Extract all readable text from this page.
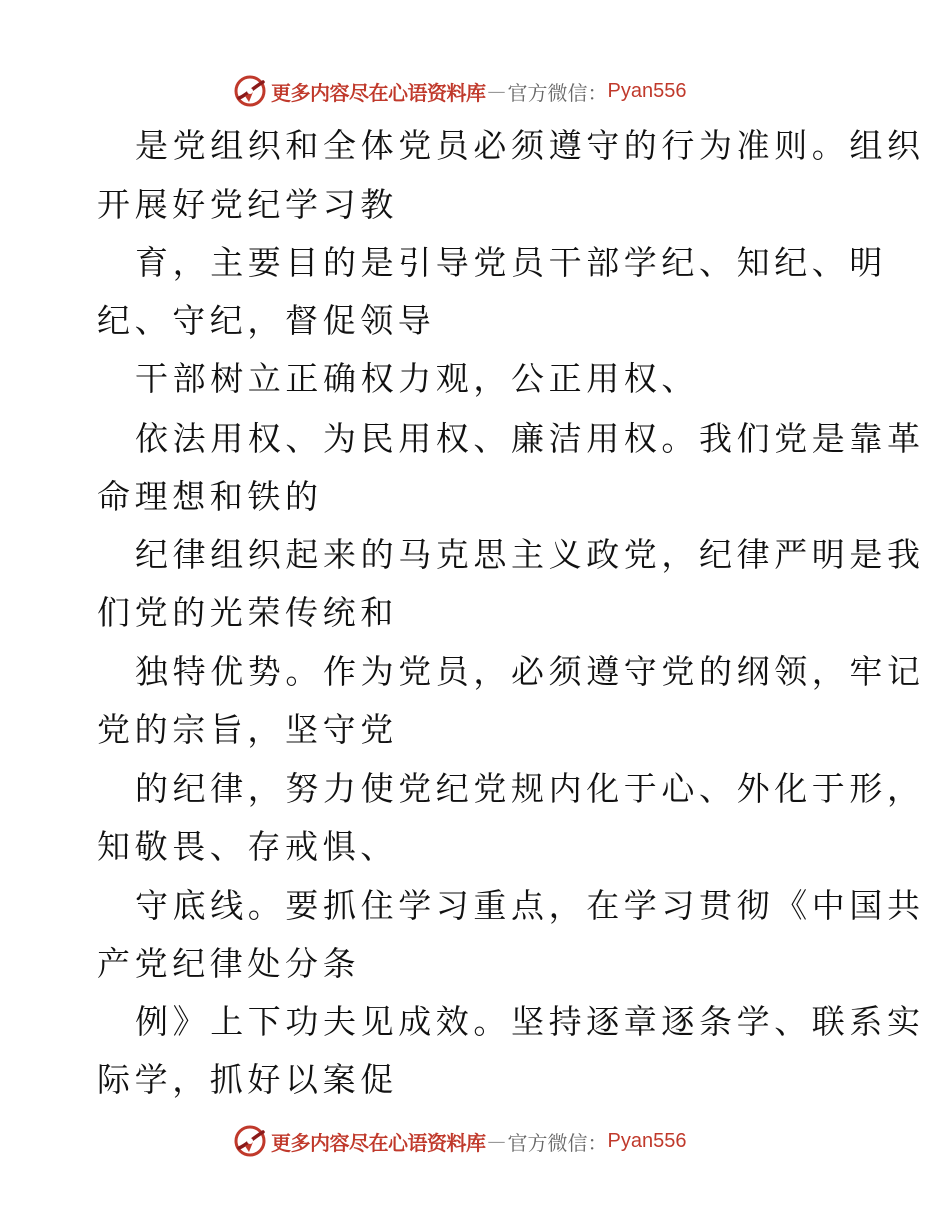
更多内容尽在心语资料库 — 官方微信： Pyan556

是党组织和全体党员必须遵守的行为准则。组织

开展好党纪学习教

育，主要目的是引导党员干部学纪、知纪、明

纪、守纪，督促领导

干部树立正确权力观，公正用权、

依法用权、为民用权、廉洁用权。我们党是靠革

命理想和铁的

纪律组织起来的马克思主义政党，纪律严明是我

们党的光荣传统和

独特优势。作为党员，必须遵守党的纲领，牢记

党的宗旨，坚守党

的纪律，努力使党纪党规内化于心、外化于形，

知敬畏、存戒惧、

守底线。要抓住学习重点，在学习贯彻《中国共

产党纪律处分条

例》上下功夫见成效。坚持逐章逐条学、联系实

际学，抓好以案促

更多内容尽在心语资料库 — 官方微信： Pyan556
